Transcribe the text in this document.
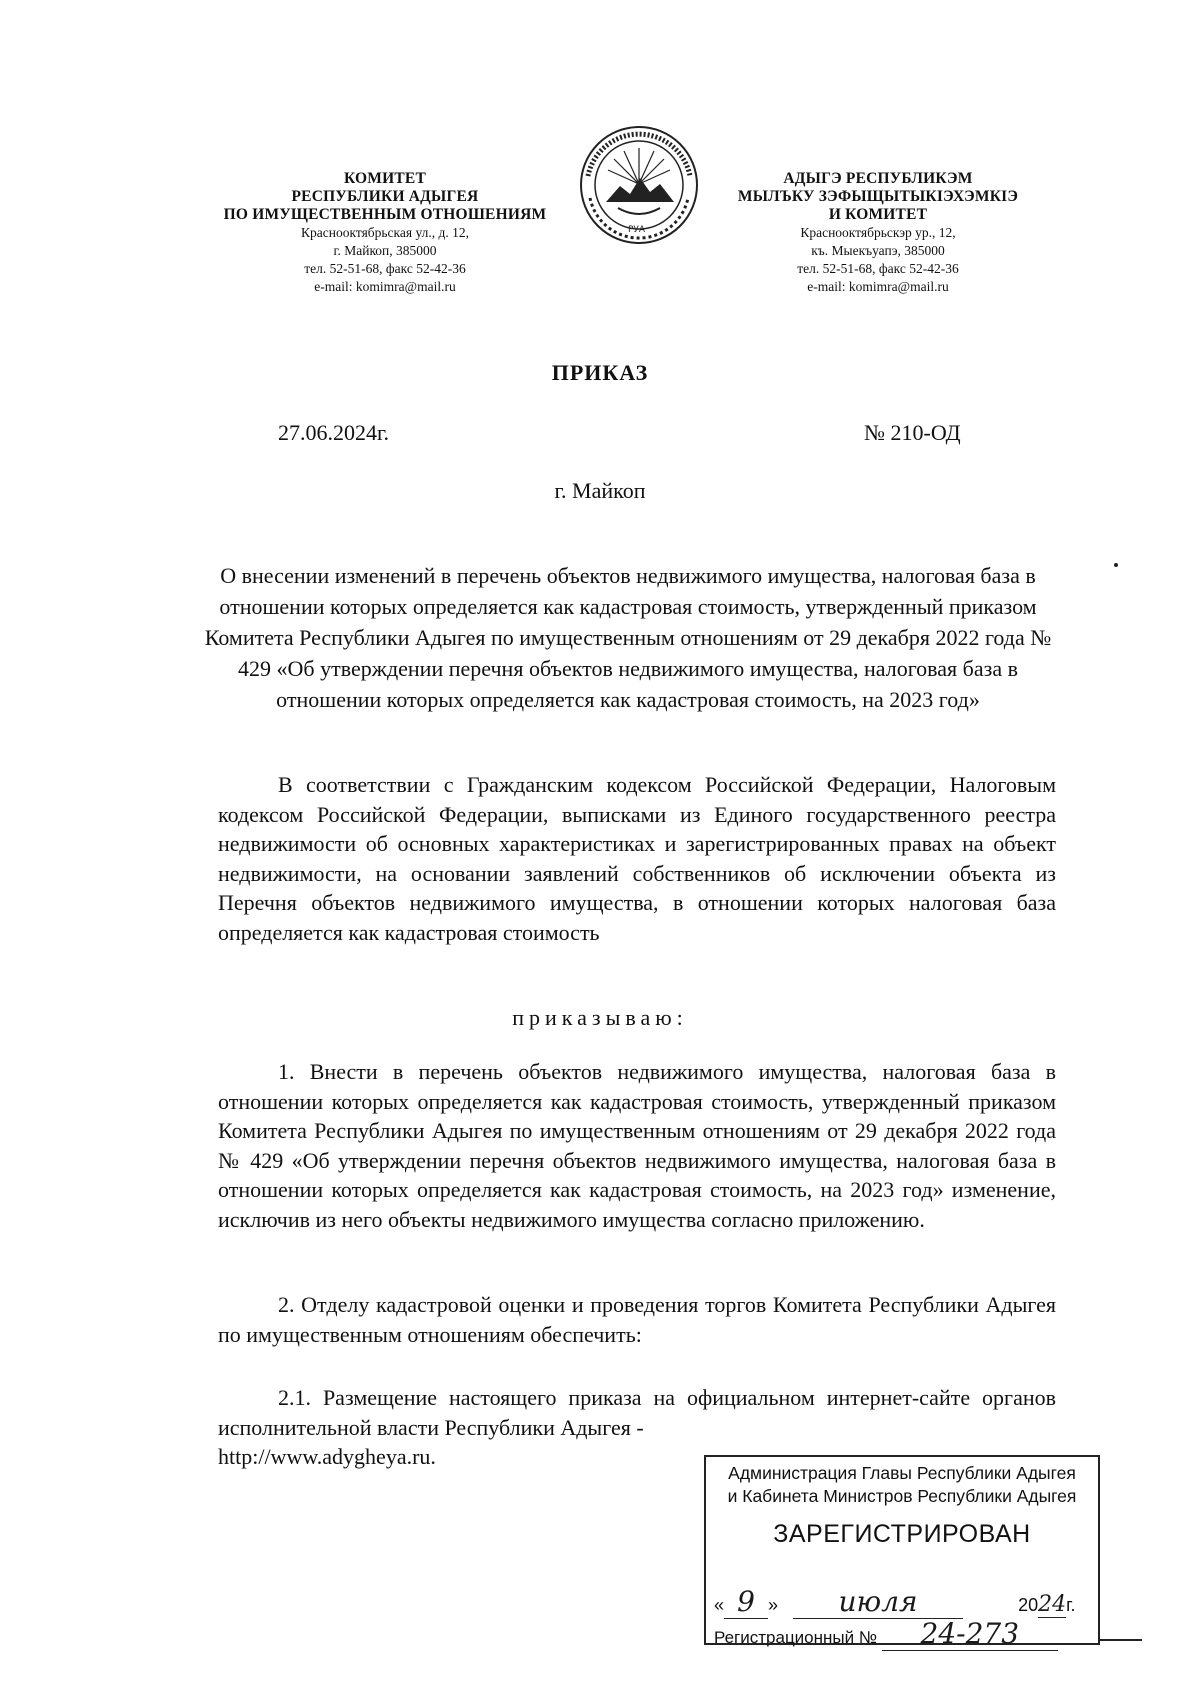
КОМИТЕТ
РЕСПУБЛИКИ АДЫГЕЯ
ПО ИМУЩЕСТВЕННЫМ ОТНОШЕНИЯМ
Краснооктябрьская ул., д. 12,
г. Майкоп, 385000
тел. 52-51-68, факс 52-42-36
e-mail: komimra@mail.ru
РУА
АДЫГЭ РЕСПУБЛИКЭМ
МЫЛЪКУ ЗЭФЫЩЫТЫКIЭХЭМКIЭ
И КОМИТЕТ
Краснооктябрьскэр ур., 12,
къ. Мыекъуапэ, 385000
тел. 52-51-68, факс 52-42-36
e-mail: komimra@mail.ru
ПРИКАЗ
27.06.2024г.	№ 210-ОД
г. Майкоп
О внесении изменений в перечень объектов недвижимого имущества, налоговая база в отношении которых определяется как кадастровая стоимость, утвержденный приказом Комитета Республики Адыгея по имущественным отношениям от 29 декабря 2022 года № 429 «Об утверждении перечня объектов недвижимого имущества, налоговая база в отношении которых определяется как кадастровая стоимость, на 2023 год»
В соответствии с Гражданским кодексом Российской Федерации, Налоговым кодексом Российской Федерации, выписками из Единого государственного реестра недвижимости об основных характеристиках и зарегистрированных правах на объект недвижимости, на основании заявлений собственников об исключении объекта из Перечня объектов недвижимого имущества, в отношении которых налоговая база определяется как кадастровая стоимость
приказываю:
1. Внести в перечень объектов недвижимого имущества, налоговая база в отношении которых определяется как кадастровая стоимость, утвержденный приказом Комитета Республики Адыгея по имущественным отношениям от 29 декабря 2022 года № 429 «Об утверждении перечня объектов недвижимого имущества, налоговая база в отношении которых определяется как кадастровая стоимость, на 2023 год» изменение, исключив из него объекты недвижимого имущества согласно приложению.
2. Отделу кадастровой оценки и проведения торгов Комитета Республики Адыгея по имущественным отношениям обеспечить:
2.1. Размещение настоящего приказа на официальном интернет-сайте органов исполнительной власти Республики Адыгея -
http://www.adygheya.ru.
Администрация Главы Республики Адыгея
и Кабинета Министров Республики Адыгея
ЗАРЕГИСТРИРОВАН
« 9 » июля	2024г.
Регистрационный № 24-273
